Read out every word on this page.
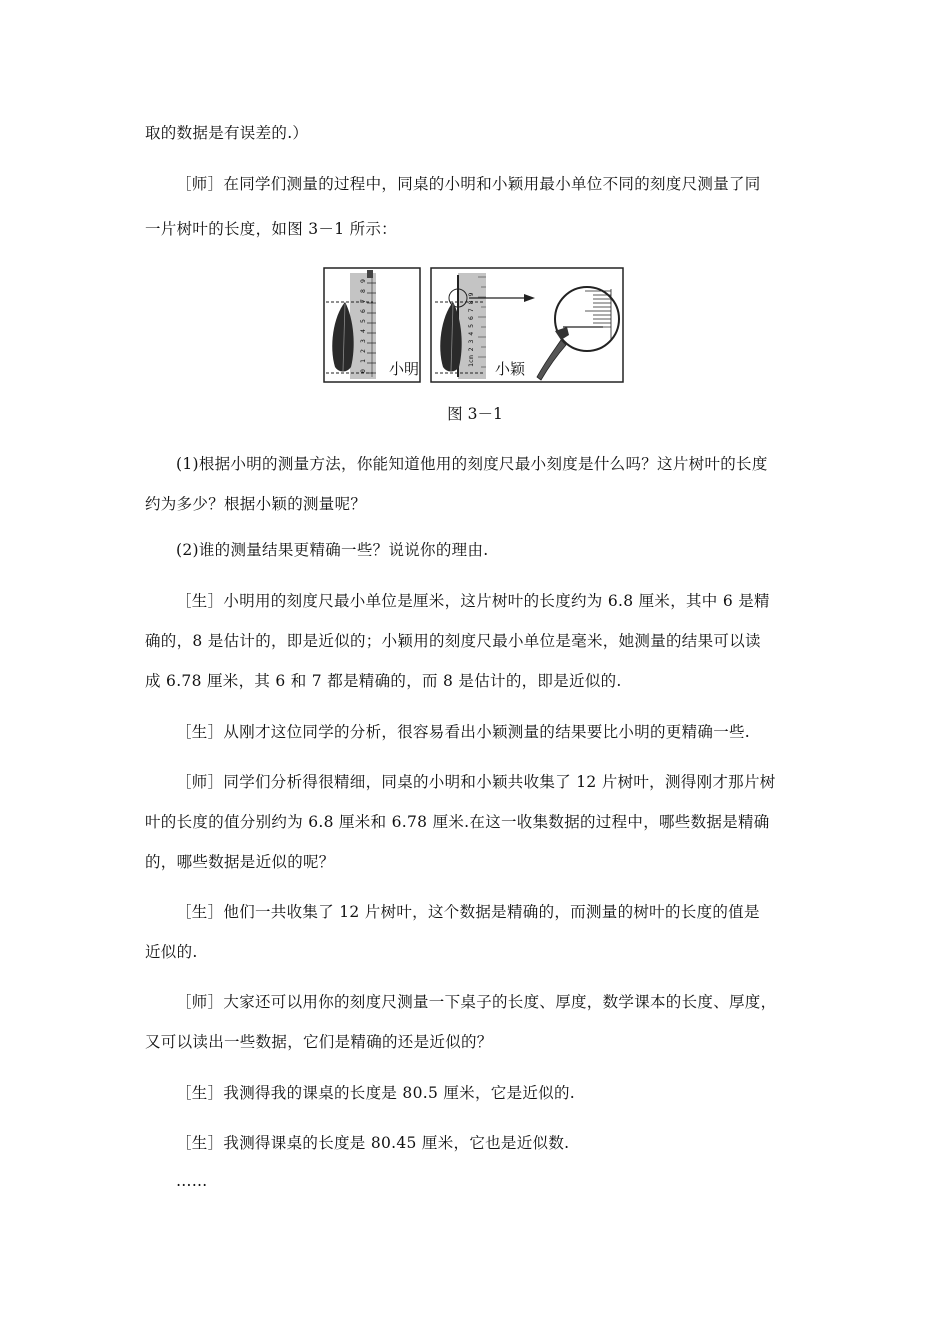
取的数据是有误差的.）
［师］在同学们测量的过程中，同桌的小明和小颖用最小单位不同的刻度尺测量了同
一片树叶的长度，如图 3－1 所示：
0
1
2
3
4
5
6
7
8
9
小明
1cm 2 3 4 5 6 7 8 9
小颖
图 3－1
(1)根据小明的测量方法，你能知道他用的刻度尺最小刻度是什么吗？这片树叶的长度
约为多少？根据小颖的测量呢？
(2)谁的测量结果更精确一些？说说你的理由.
［生］小明用的刻度尺最小单位是厘米，这片树叶的长度约为 6.8 厘米，其中 6 是精
确的，8 是估计的，即是近似的；小颖用的刻度尺最小单位是毫米，她测量的结果可以读
成 6.78 厘米，其 6 和 7 都是精确的，而 8 是估计的，即是近似的.
［生］从刚才这位同学的分析，很容易看出小颖测量的结果要比小明的更精确一些.
［师］同学们分析得很精细，同桌的小明和小颖共收集了 12 片树叶，测得刚才那片树
叶的长度的值分别约为 6.8 厘米和 6.78 厘米.在这一收集数据的过程中，哪些数据是精确
的，哪些数据是近似的呢？
［生］他们一共收集了 12 片树叶，这个数据是精确的，而测量的树叶的长度的值是
近似的.
［师］大家还可以用你的刻度尺测量一下桌子的长度、厚度，数学课本的长度、厚度，
又可以读出一些数据，它们是精确的还是近似的？
［生］我测得我的课桌的长度是 80.5 厘米，它是近似的.
［生］我测得课桌的长度是 80.45 厘米，它也是近似数.
……
